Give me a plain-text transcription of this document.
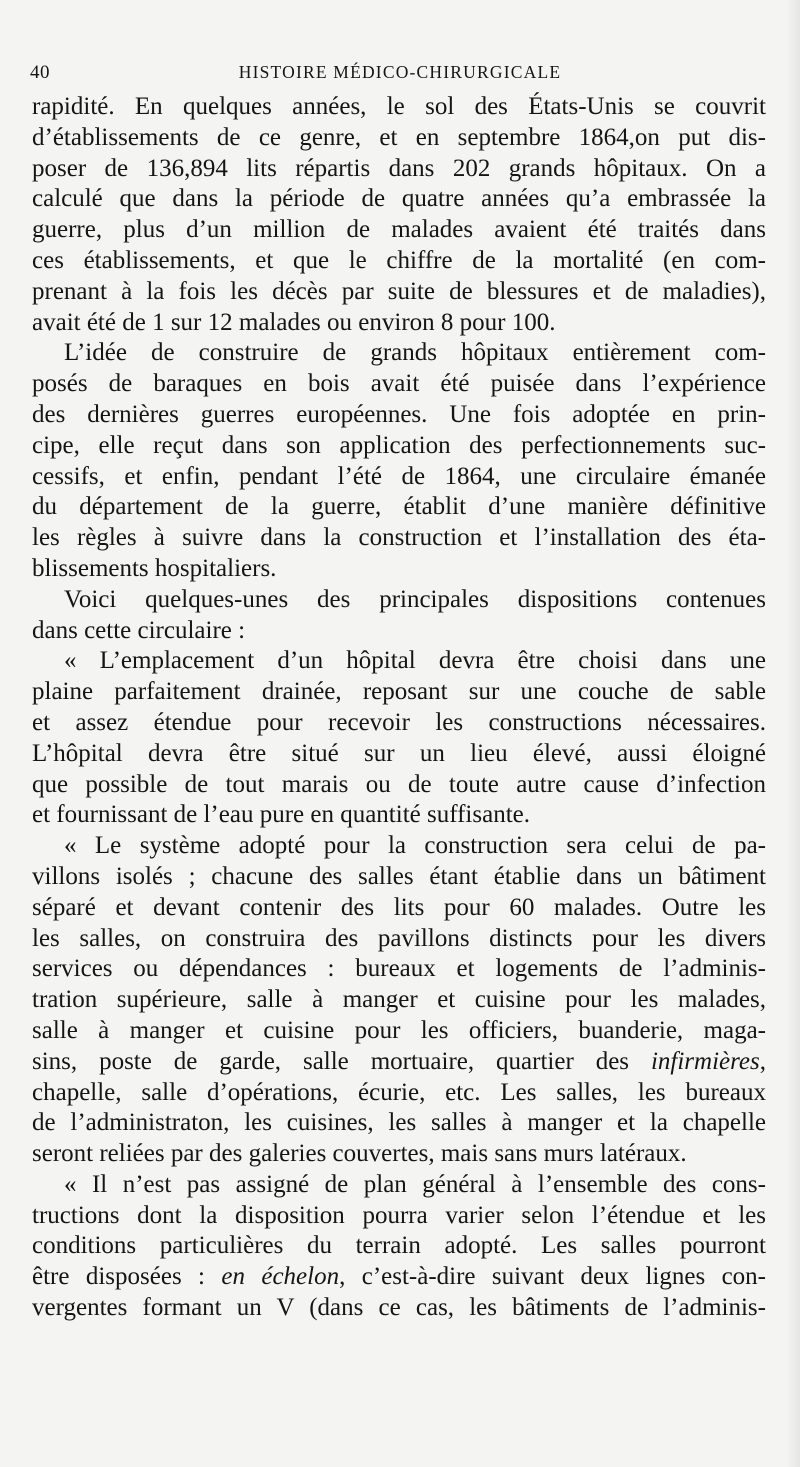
40	HISTOIRE MÉDICO-CHIRURGICALE
rapidité. En quelques années, le sol des États-Unis se couvrit
d’établissements de ce genre, et en septembre 1864,on put dis-
poser de 136,894 lits répartis dans 202 grands hôpitaux. On a
calculé que dans la période de quatre années qu’a embrassée la
guerre, plus d’un million de malades avaient été traités dans
ces établissements, et que le chiffre de la mortalité (en com-
prenant à la fois les décès par suite de blessures et de maladies),
avait été de 1 sur 12 malades ou environ 8 pour 100.
L’idée de construire de grands hôpitaux entièrement com-
posés de baraques en bois avait été puisée dans l’expérience
des dernières guerres européennes. Une fois adoptée en prin-
cipe, elle reçut dans son application des perfectionnements suc-
cessifs, et enfin, pendant l’été de 1864, une circulaire émanée
du département de la guerre, établit d’une manière définitive
les règles à suivre dans la construction et l’installation des éta-
blissements hospitaliers.
Voici quelques-unes des principales dispositions contenues
dans cette circulaire :
« L’emplacement d’un hôpital devra être choisi dans une
plaine parfaitement drainée, reposant sur une couche de sable
et assez étendue pour recevoir les constructions nécessaires.
L’hôpital devra être situé sur un lieu élevé, aussi éloigné
que possible de tout marais ou de toute autre cause d’infection
et fournissant de l’eau pure en quantité suffisante.
« Le système adopté pour la construction sera celui de pa-
villons isolés ; chacune des salles étant établie dans un bâtiment
séparé et devant contenir des lits pour 60 malades. Outre les
les salles, on construira des pavillons distincts pour les divers
services ou dépendances : bureaux et logements de l’adminis-
tration supérieure, salle à manger et cuisine pour les malades,
salle à manger et cuisine pour les officiers, buanderie, maga-
sins, poste de garde, salle mortuaire, quartier des infirmières,
chapelle, salle d’opérations, écurie, etc. Les salles, les bureaux
de l’administraton, les cuisines, les salles à manger et la chapelle
seront reliées par des galeries couvertes, mais sans murs latéraux.
« Il n’est pas assigné de plan général à l’ensemble des cons-
tructions dont la disposition pourra varier selon l’étendue et les
conditions particulières du terrain adopté. Les salles pourront
être disposées : en échelon, c’est-à-dire suivant deux lignes con-
vergentes formant un V (dans ce cas, les bâtiments de l’adminis-
